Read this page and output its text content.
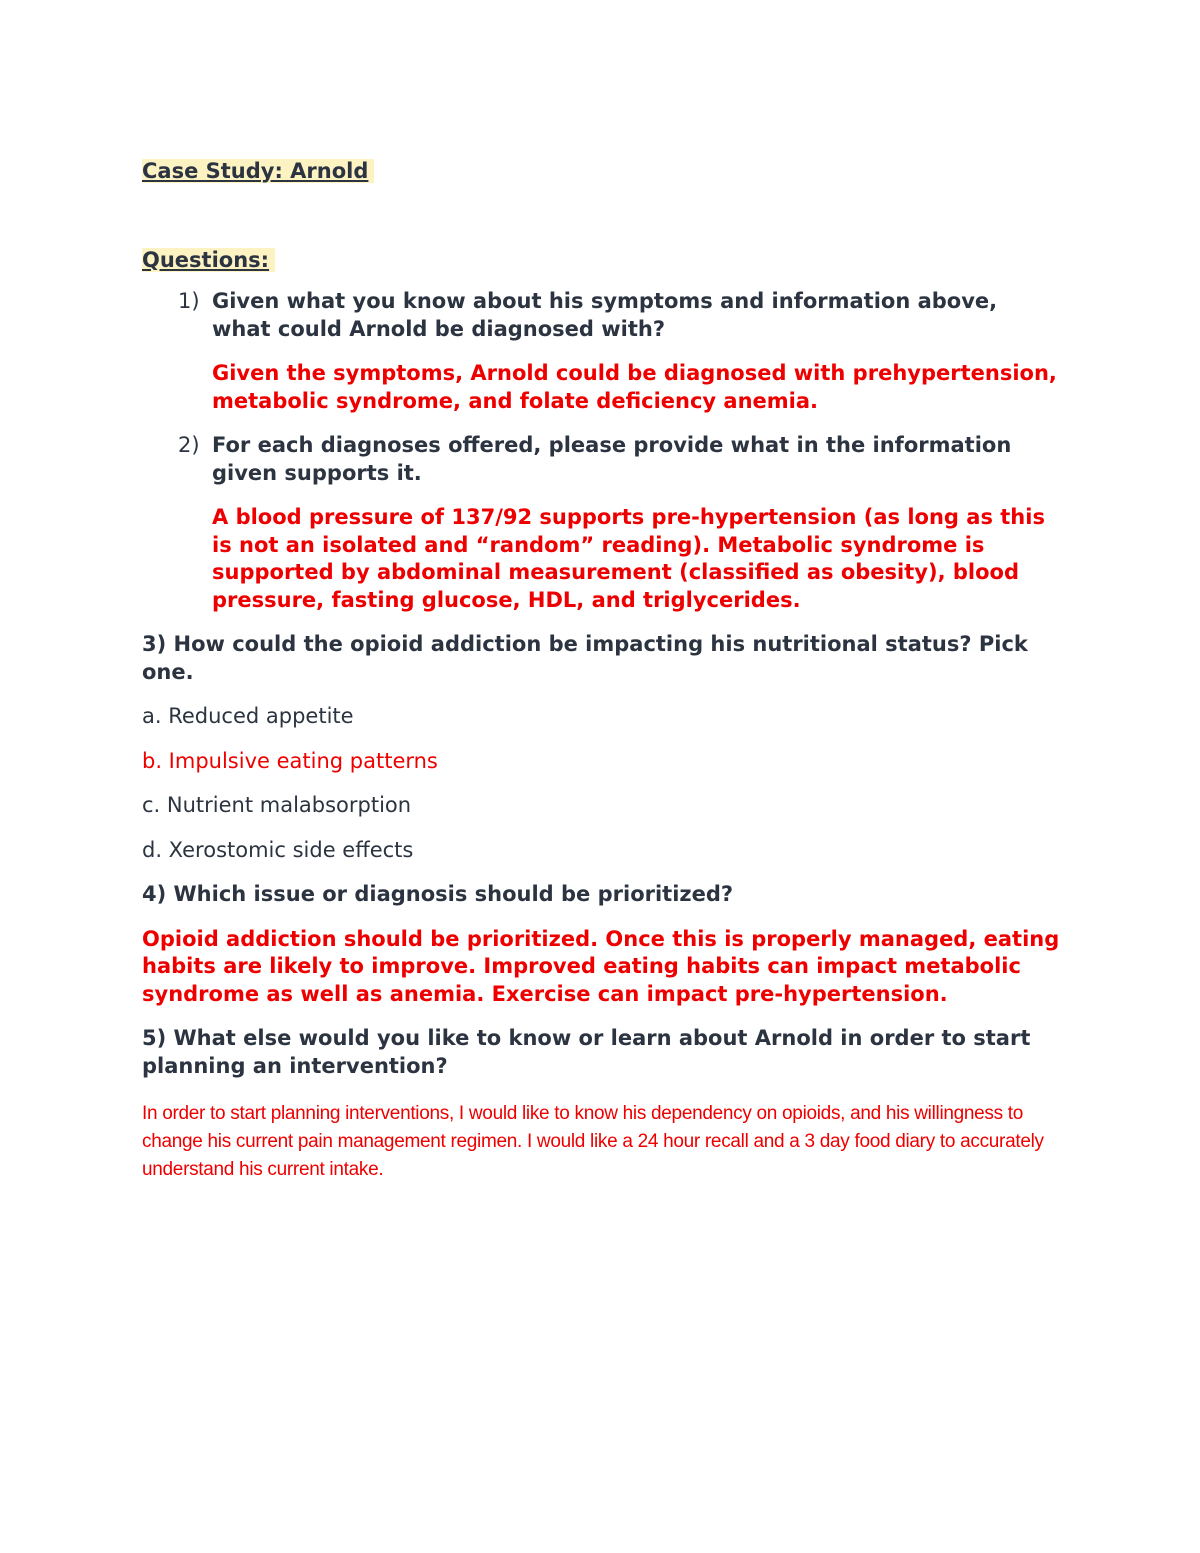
Case Study: Arnold

Questions:

1) Given what you know about his symptoms and information above, what could Arnold be diagnosed with?

Given the symptoms, Arnold could be diagnosed with prehypertension, metabolic syndrome, and folate deficiency anemia.

2) For each diagnoses offered, please provide what in the information given supports it.

A blood pressure of 137/92 supports pre-hypertension (as long as this is not an isolated and “random” reading). Metabolic syndrome is supported by abdominal measurement (classified as obesity), blood pressure, fasting glucose, HDL, and triglycerides.

3) How could the opioid addiction be impacting his nutritional status? Pick one.

a. Reduced appetite

b. Impulsive eating patterns

c. Nutrient malabsorption

d. Xerostomic side effects

4) Which issue or diagnosis should be prioritized?

Opioid addiction should be prioritized. Once this is properly managed, eating habits are likely to improve. Improved eating habits can impact metabolic syndrome as well as anemia. Exercise can impact pre-hypertension.

5) What else would you like to know or learn about Arnold in order to start planning an intervention?

In order to start planning interventions, I would like to know his dependency on opioids, and his willingness to change his current pain management regimen. I would like a 24 hour recall and a 3 day food diary to accurately understand his current intake.
